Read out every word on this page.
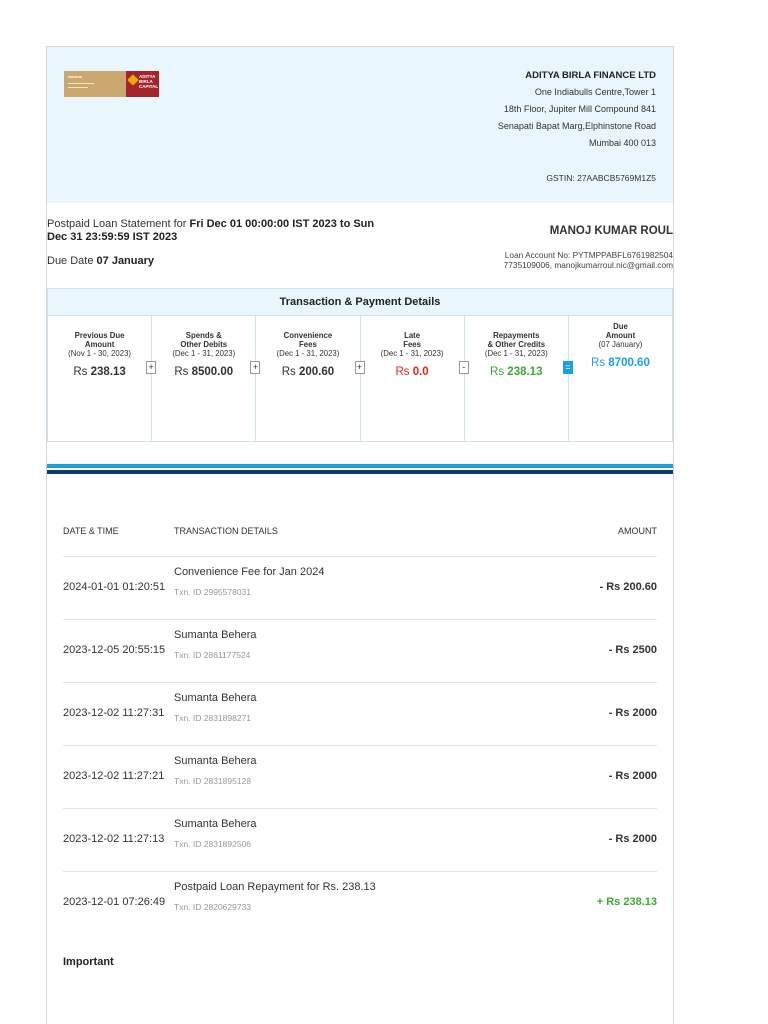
PREMIUM	ADITYA BIRLA
CAPITAL
ADITYA BIRLA FINANCE LTD
One Indiabulls Centre,Tower 1
18th Floor, Jupiter Mill Compound 841
Senapati Bapat Marg,Elphinstone Road
Mumbai 400 013
GSTIN: 27AABCB5769M1Z5
Postpaid Loan Statement for Fri Dec 01 00:00:00 IST 2023 to Sun Dec 31 23:59:59 IST 2023
Due Date 07 January
MANOJ KUMAR ROUL
Loan Account No: PYTMPPABFL6761982504
7735109006, manojkumarroul.nic@gmail.com
Transaction & Payment Details
Previous Due
Amount
(Nov 1 - 30, 2023)
Rs 238.13	+
Spends &
Other Debits
(Dec 1 - 31, 2023)
Rs 8500.00	+
Convenience
Fees
(Dec 1 - 31, 2023)
Rs 200.60	+
Late
Fees
(Dec 1 - 31, 2023)
Rs 0.0	-
Repayments
& Other Credits
(Dec 1 - 31, 2023)
Rs 238.13	=
Due
Amount
(07 January)
Rs 8700.60
DATE & TIME	TRANSACTION DETAILS	AMOUNT
2024-01-01 01:20:51
Convenience Fee for Jan 2024
Txn. ID 2995578031	- Rs 200.60
2023-12-05 20:55:15
Sumanta Behera
Txn. ID 2861177524	- Rs 2500
2023-12-02 11:27:31
Sumanta Behera
Txn. ID 2831898271	- Rs 2000
2023-12-02 11:27:21
Sumanta Behera
Txn. ID 2831895128	- Rs 2000
2023-12-02 11:27:13
Sumanta Behera
Txn. ID 2831892506	- Rs 2000
2023-12-01 07:26:49
Postpaid Loan Repayment for Rs. 238.13
Txn. ID 2820629733	+ Rs 238.13
Important
